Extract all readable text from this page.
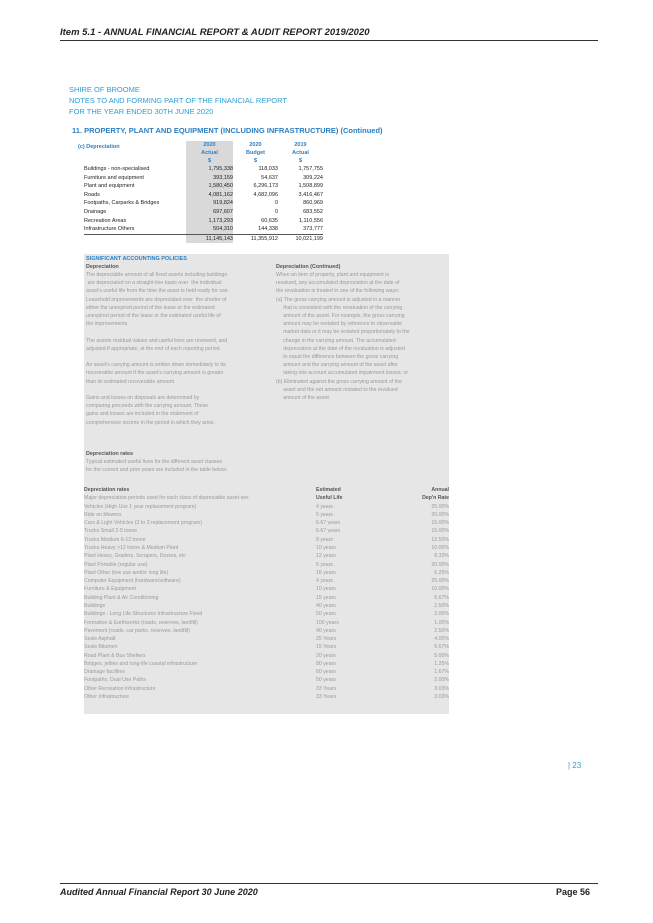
Item 5.1 - ANNUAL FINANCIAL REPORT & AUDIT REPORT 2019/2020
SHIRE OF BROOME
NOTES TO AND FORMING PART OF THE FINANCIAL REPORT
FOR THE YEAR ENDED 30TH JUNE 2020
11. PROPERTY, PLANT AND EQUIPMENT (INCLUDING INFRASTRUCTURE) (Continued)
(c) Depreciation
		2020	2020	2019
	Actual	Budget	Actual
	$	$	$
Buildings - non-specialised	1,795,338	118,033	1,757,755
Furniture and equipment	393,159	54,637	309,224
Plant and equipment	1,580,450	6,296,173	1,508,899
Roads	4,081,162	4,682,096	3,416,467
Footpaths, Carparks & Bridges	919,824	0	860,969
Drainage	697,607	0	683,552
Recreation Areas	1,173,293	60,635	1,110,556
Infrastructure Others	504,310	144,338	373,777
	11,145,143	11,355,912	10,021,199
SIGNIFICANT ACCOUNTING POLICIES
Depreciation
The depreciable amount of all fixed assets including buildings
are depreciated on a straight-line basis over  the individual
asset's useful life from the time the asset is held ready for use.
Leasehold improvements are depreciated over  the shorter of
either the unexpired period of the lease or the estimated
unexpired period of the lease or the estimated useful life of
the improvements.
The assets residual values and useful lives are reviewed, and
adjusted if appropriate, at the end of each reporting period.
An asset's carrying amount is written down immediately to its
recoverable amount if the asset's carrying amount is greater
than its estimated recoverable amount.
Gains and losses on disposals are determined by
comparing proceeds with the carrying amount. These
gains and losses are included in the statement of
comprehensive income in the period in which they arise.
Depreciation (Continued)
When an item of property, plant and equipment is
revalued, any accumulated depreciation at the date of
the revaluation is treated in one of the following ways:
(a) The gross carrying amount is adjusted in a manner
that is consistent with the revaluation of the carrying
amount of the asset. For example, the gross carrying
amount may be restated by reference to observable
market data or it may be restated proportionately to the
change in the carrying amount. The accumulated
depreciation at the date of the revaluation is adjusted
to equal the difference between the gross carrying
amount and the carrying amount of the asset after
taking into account accumulated impairment losses; or
(b) Eliminated against the gross carrying amount of the
asset and the net amount restated to the revalued
amount of the asset.
Depreciation rates
Typical estimated useful lives for the different asset classes
for the current and prior years are included in the table below:
Depreciation rates	Estimated	Annual
Major depreciation periods used for each class of depreciable asset are:	Useful Life	Dep'n Rate
Vehicles (High Use 1 year replacement program)	4 years	25.00%
Ride on Mowers	5 years	20.00%
Cars & Light Vehicles (2 to 3 replacement program)	6.67 years	15.00%
Trucks Small 2-5 tonne	6.67 years	15.00%
Trucks Medium 6-12 tonne	8 years	12.50%
Trucks Heavy >12 tonne & Medium Plant	10 years	10.00%
Plant Heavy, Graders, Scrapers, Dozers, etc	12 years	8.33%
Plant Portable (regular use)	5 years	20.00%
Plant Other (low use and/or long life)	16 years	6.25%
Computer Equipment (hardware/software)	4 years	25.00%
Furniture & Equipment	10 years	10.00%
Building Plant & Air Conditioning	15 years	6.67%
Buildings	40 years	2.50%
Buildings - Long Life Structures Infrastructure Fixed	50 years	2.00%
Formation & Earthworks (roads, reserves, landfill)	100 years	1.00%
Pavement (roads, car parks, reserves, landfill)	40 years	2.50%
Seals Asphalt	25 Years	4.00%
Seals Bitumen	15 Years	6.67%
Road Plant & Bus Shelters	20 years	5.00%
Bridges, jetties and long-life coastal infrastructure	80 years	1.25%
Drainage facilities	60 years	1.67%
Footpaths, Dual Use Paths	50 years	2.00%
Other Recreation Infrastructure	33 Years	3.03%
Other Infrastructure	33 Years	3.03%
| 23
Audited Annual Financial Report 30 June 2020	Page 56
